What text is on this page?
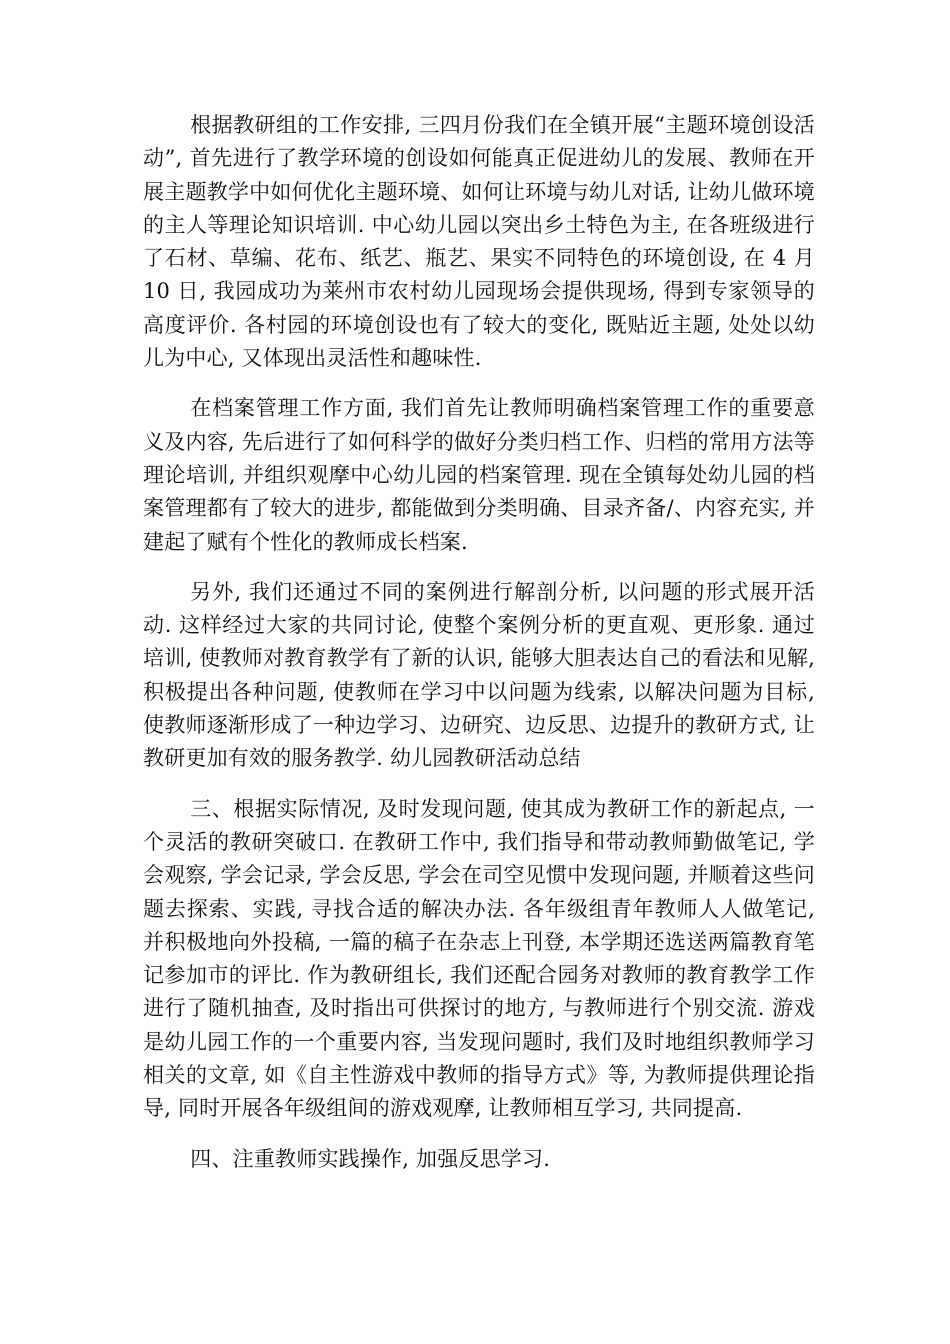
根据教研组的工作安排, 三四月份我们在全镇开展“主题环境创设活动”, 首先进行了教学环境的创设如何能真正促进幼儿的发展、教师在开展主题教学中如何优化主题环境、如何让环境与幼儿对话, 让幼儿做环境的主人等理论知识培训. 中心幼儿园以突出乡土特色为主, 在各班级进行了石材、草编、花布、纸艺、瓶艺、果实不同特色的环境创设, 在 4 月 10 日, 我园成功为莱州市农村幼儿园现场会提供现场, 得到专家领导的高度评价. 各村园的环境创设也有了较大的变化, 既贴近主题, 处处以幼儿为中心, 又体现出灵活性和趣味性.

在档案管理工作方面, 我们首先让教师明确档案管理工作的重要意义及内容, 先后进行了如何科学的做好分类归档工作、归档的常用方法等理论培训, 并组织观摩中心幼儿园的档案管理. 现在全镇每处幼儿园的档案管理都有了较大的进步, 都能做到分类明确、目录齐备/、内容充实, 并建起了赋有个性化的教师成长档案.

另外, 我们还通过不同的案例进行解剖分析, 以问题的形式展开活动. 这样经过大家的共同讨论, 使整个案例分析的更直观、更形象. 通过培训, 使教师对教育教学有了新的认识, 能够大胆表达自己的看法和见解, 积极提出各种问题, 使教师在学习中以问题为线索, 以解决问题为目标, 使教师逐渐形成了一种边学习、边研究、边反思、边提升的教研方式, 让教研更加有效的服务教学. 幼儿园教研活动总结

三、根据实际情况, 及时发现问题, 使其成为教研工作的新起点, 一个灵活的教研突破口. 在教研工作中, 我们指导和带动教师勤做笔记, 学会观察, 学会记录, 学会反思, 学会在司空见惯中发现问题, 并顺着这些问题去探索、实践, 寻找合适的解决办法. 各年级组青年教师人人做笔记, 并积极地向外投稿, 一篇的稿子在杂志上刊登, 本学期还选送两篇教育笔记参加市的评比. 作为教研组长, 我们还配合园务对教师的教育教学工作进行了随机抽查, 及时指出可供探讨的地方, 与教师进行个别交流. 游戏是幼儿园工作的一个重要内容, 当发现问题时, 我们及时地组织教师学习相关的文章, 如《自主性游戏中教师的指导方式》等, 为教师提供理论指导, 同时开展各年级组间的游戏观摩, 让教师相互学习, 共同提高.

四、注重教师实践操作, 加强反思学习.
